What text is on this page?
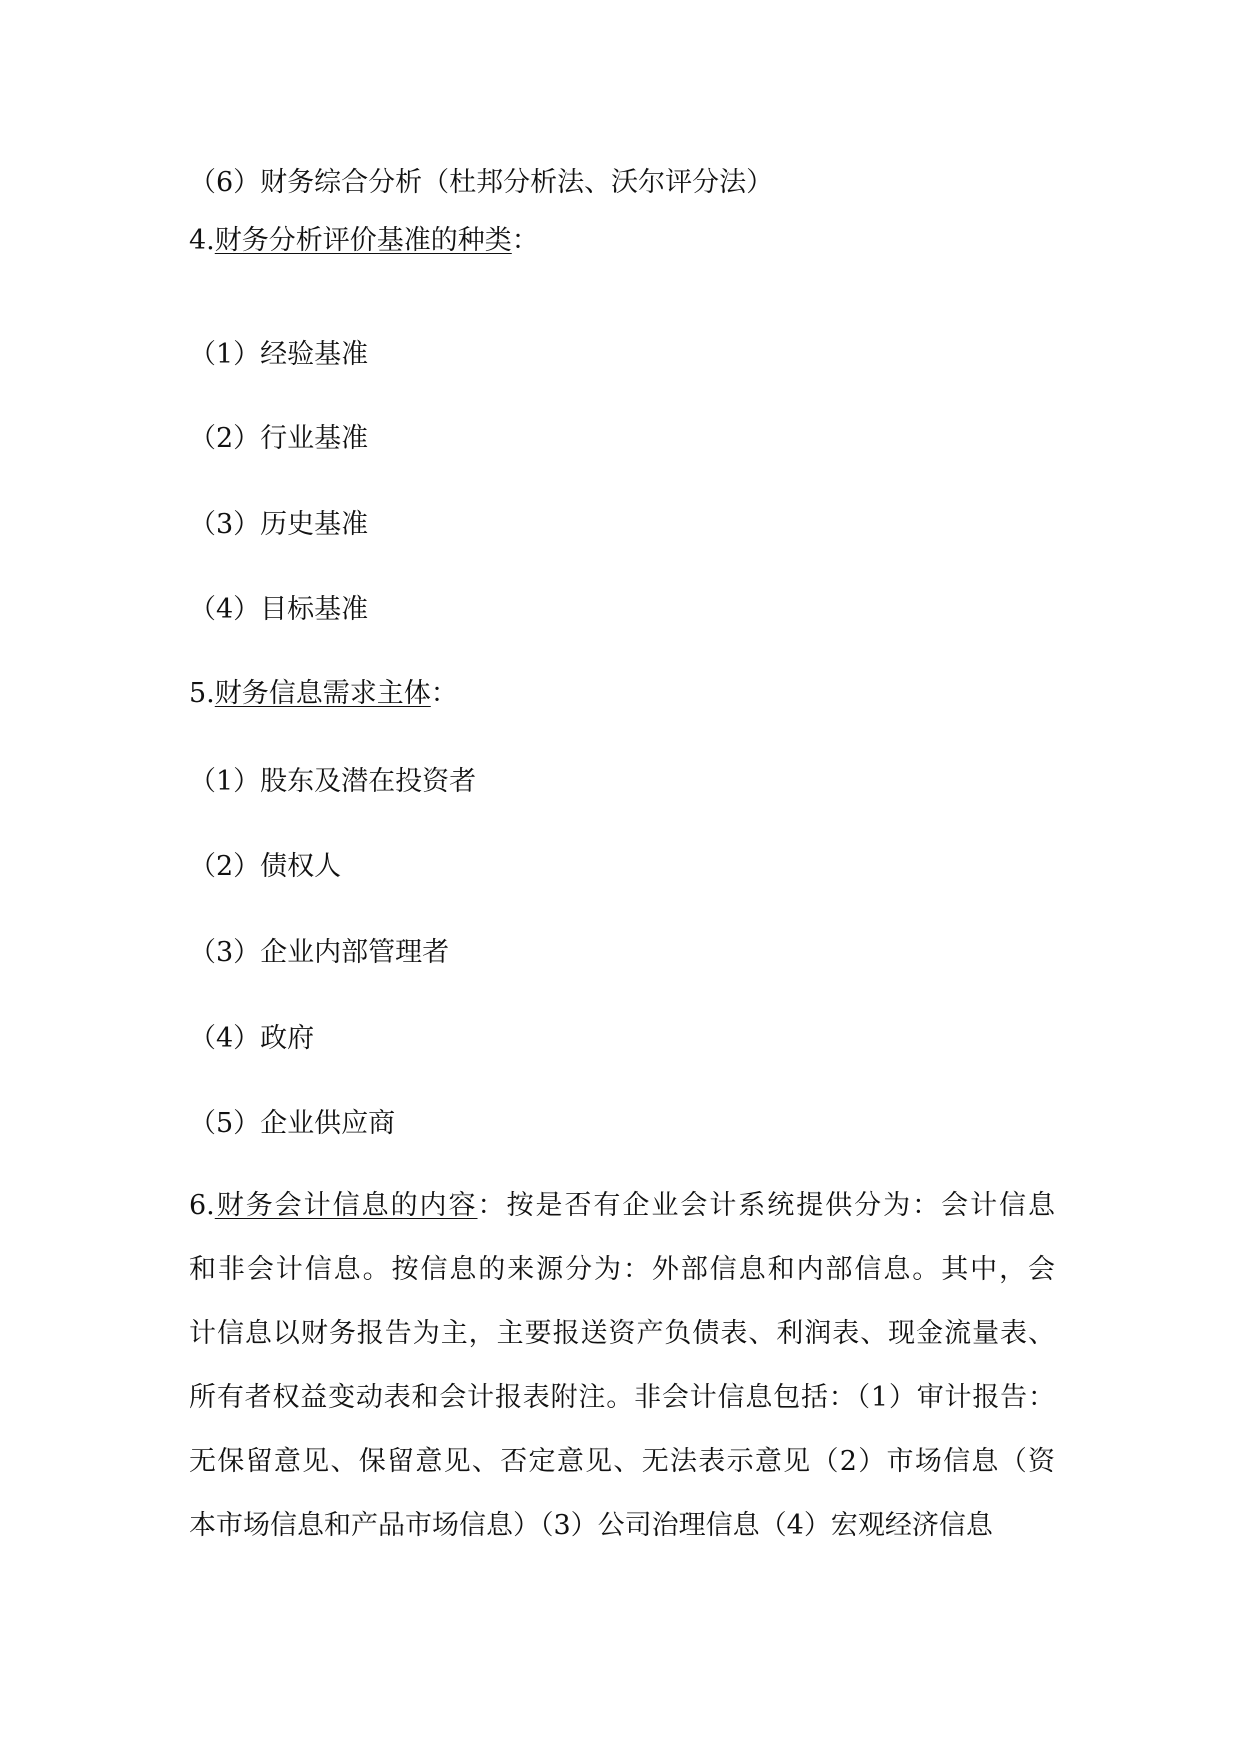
（6）财务综合分析（杜邦分析法、沃尔评分法）
4.财务分析评价基准的种类：
（1）经验基准
（2）行业基准
（3）历史基准
（4）目标基准
5.财务信息需求主体：
（1）股东及潜在投资者
（2）债权人
（3）企业内部管理者
（4）政府
（5）企业供应商
6.财务会计信息的内容：按是否有企业会计系统提供分为：会计信息
和非会计信息。按信息的来源分为：外部信息和内部信息。其中，会
计信息以财务报告为主，主要报送资产负债表、利润表、现金流量表、
所有者权益变动表和会计报表附注。非会计信息包括：（1）审计报告：
无保留意见、保留意见、否定意见、无法表示意见（2）市场信息（资
本市场信息和产品市场信息）（3）公司治理信息（4）宏观经济信息
